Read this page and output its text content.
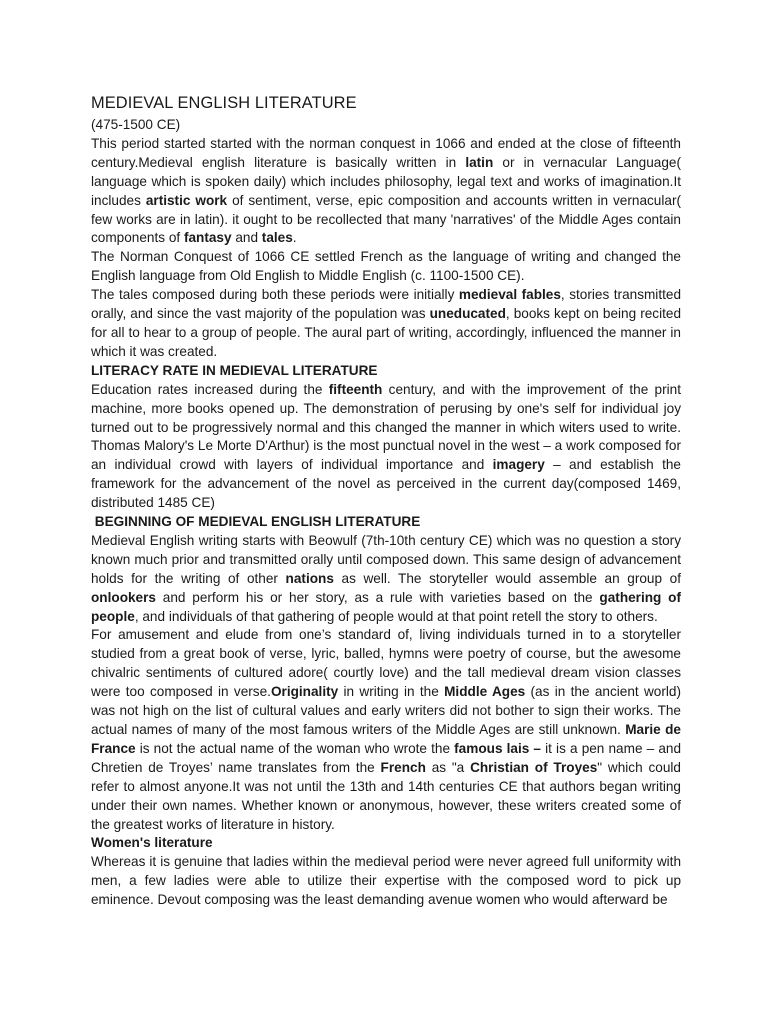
MEDIEVAL ENGLISH LITERATURE
(475-1500 CE)

This period started started with the norman conquest in 1066 and ended at the close of fifteenth century.Medieval english literature is basically written in latin or in vernacular Language( language which is spoken daily) which includes philosophy, legal text and works of imagination.It includes artistic work of sentiment, verse, epic composition and accounts written in vernacular( few works are in latin). it ought to be recollected that many 'narratives' of the Middle Ages contain components of fantasy and tales.

The Norman Conquest of 1066 CE settled French as the language of writing and changed the English language from Old English to Middle English (c. 1100-1500 CE).

The tales composed during both these periods were initially medieval fables, stories transmitted orally, and since the vast majority of the population was uneducated, books kept on being recited for all to hear to a group of people. The aural part of writing, accordingly, influenced the manner in which it was created.

LITERACY RATE IN MEDIEVAL LITERATURE

Education rates increased during the fifteenth century, and with the improvement of the print machine, more books opened up. The demonstration of perusing by one's self for individual joy turned out to be progressively normal and this changed the manner in which witers used to write. Thomas Malory's Le Morte D'Arthur) is the most punctual novel in the west – a work composed for an individual crowd with layers of individual importance and imagery – and establish the framework for the advancement of the novel as perceived in the current day(composed 1469, distributed 1485 CE)

BEGINNING OF MEDIEVAL ENGLISH LITERATURE

Medieval English writing starts with Beowulf (7th-10th century CE) which was no question a story known much prior and transmitted orally until composed down. This same design of advancement holds for the writing of other nations as well. The storyteller would assemble an group of onlookers and perform his or her story, as a rule with varieties based on the gathering of people, and individuals of that gathering of people would at that point retell the story to others.

For amusement and elude from one’s standard of, living individuals turned in to a storyteller studied from a great book of verse, lyric, balled, hymns were poetry of course, but the awesome chivalric sentiments of cultured adore( courtly love) and the tall medieval dream vision classes were too composed in verse.Originality in writing in the Middle Ages (as in the ancient world) was not high on the list of cultural values and early writers did not bother to sign their works. The actual names of many of the most famous writers of the Middle Ages are still unknown. Marie de France is not the actual name of the woman who wrote the famous lais – it is a pen name – and Chretien de Troyes’ name translates from the French as "a Christian of Troyes" which could refer to almost anyone.It was not until the 13th and 14th centuries CE that authors began writing under their own names. Whether known or anonymous, however, these writers created some of the greatest works of literature in history.

Women's literature

Whereas it is genuine that ladies within the medieval period were never agreed full uniformity with men, a few ladies were able to utilize their expertise with the composed word to pick up eminence. Devout composing was the least demanding avenue women who would afterward be
